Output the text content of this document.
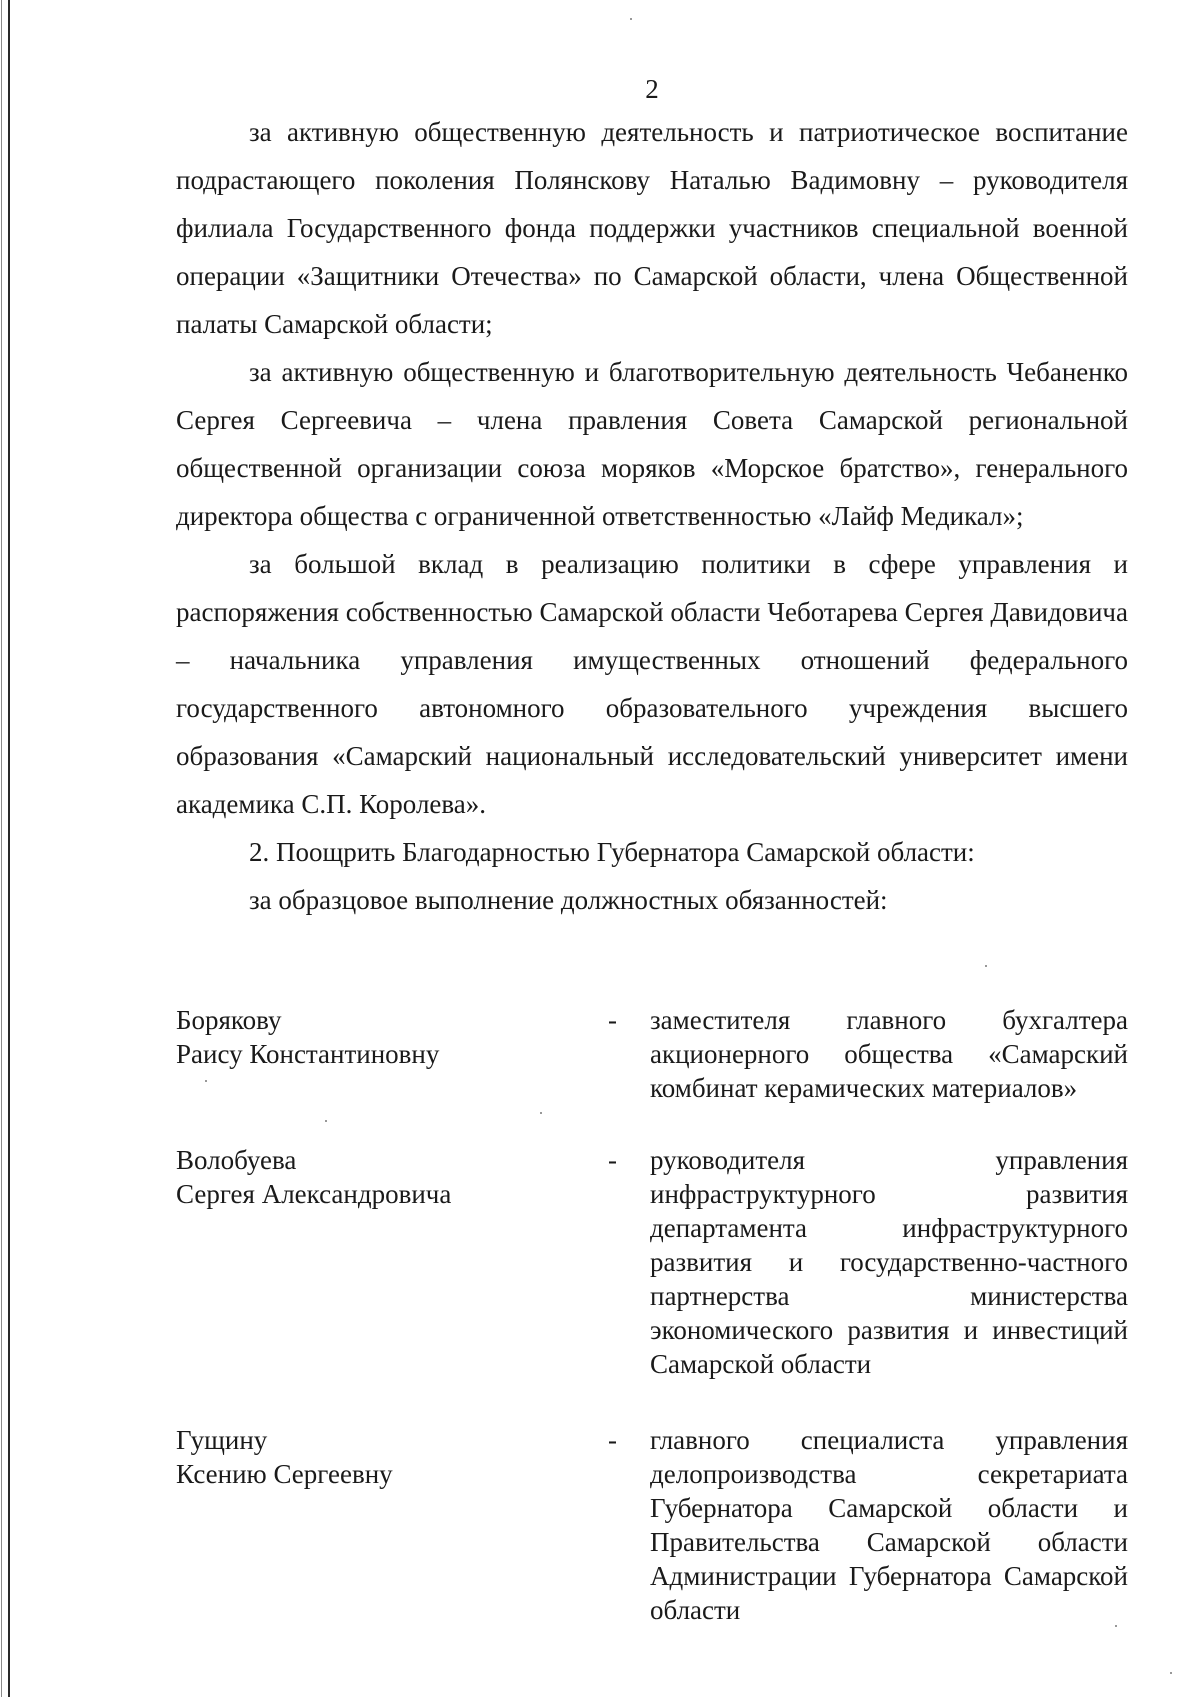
2

за активную общественную деятельность и патриотическое воспитание подрастающего поколения Полянскову Наталью Вадимовну – руководителя филиала Государственного фонда поддержки участников специальной военной операции «Защитники Отечества» по Самарской области, члена Общественной палаты Самарской области;

за активную общественную и благотворительную деятельность Чебаненко Сергея Сергеевича – члена правления Совета Самарской региональной общественной организации союза моряков «Морское братство», генерального директора общества с ограниченной ответственностью «Лайф Медикал»;

за большой вклад в реализацию политики в сфере управления и распоряжения собственностью Самарской области Чеботарева Сергея Давидовича – начальника управления имущественных отношений федерального государственного автономного образовательного учреждения высшего образования «Самарский национальный исследовательский университет имени академика С.П. Королева».

2. Поощрить Благодарностью Губернатора Самарской области:

за образцовое выполнение должностных обязанностей:

Борякову
Раису Константиновну
-	заместителя главного бухгалтера акционерного общества «Самарский комбинат керамических материалов»
Волобуева
Сергея Александровича
-	руководителя управления инфраструктурного развития департамента инфраструктурного развития и государственно-частного партнерства министерства экономического развития и инвестиций Самарской области
Гущину
Ксению Сергеевну
-	главного специалиста управления делопроизводства секретариата Губернатора Самарской области и Правительства Самарской области Администрации Губернатора Самарской области
